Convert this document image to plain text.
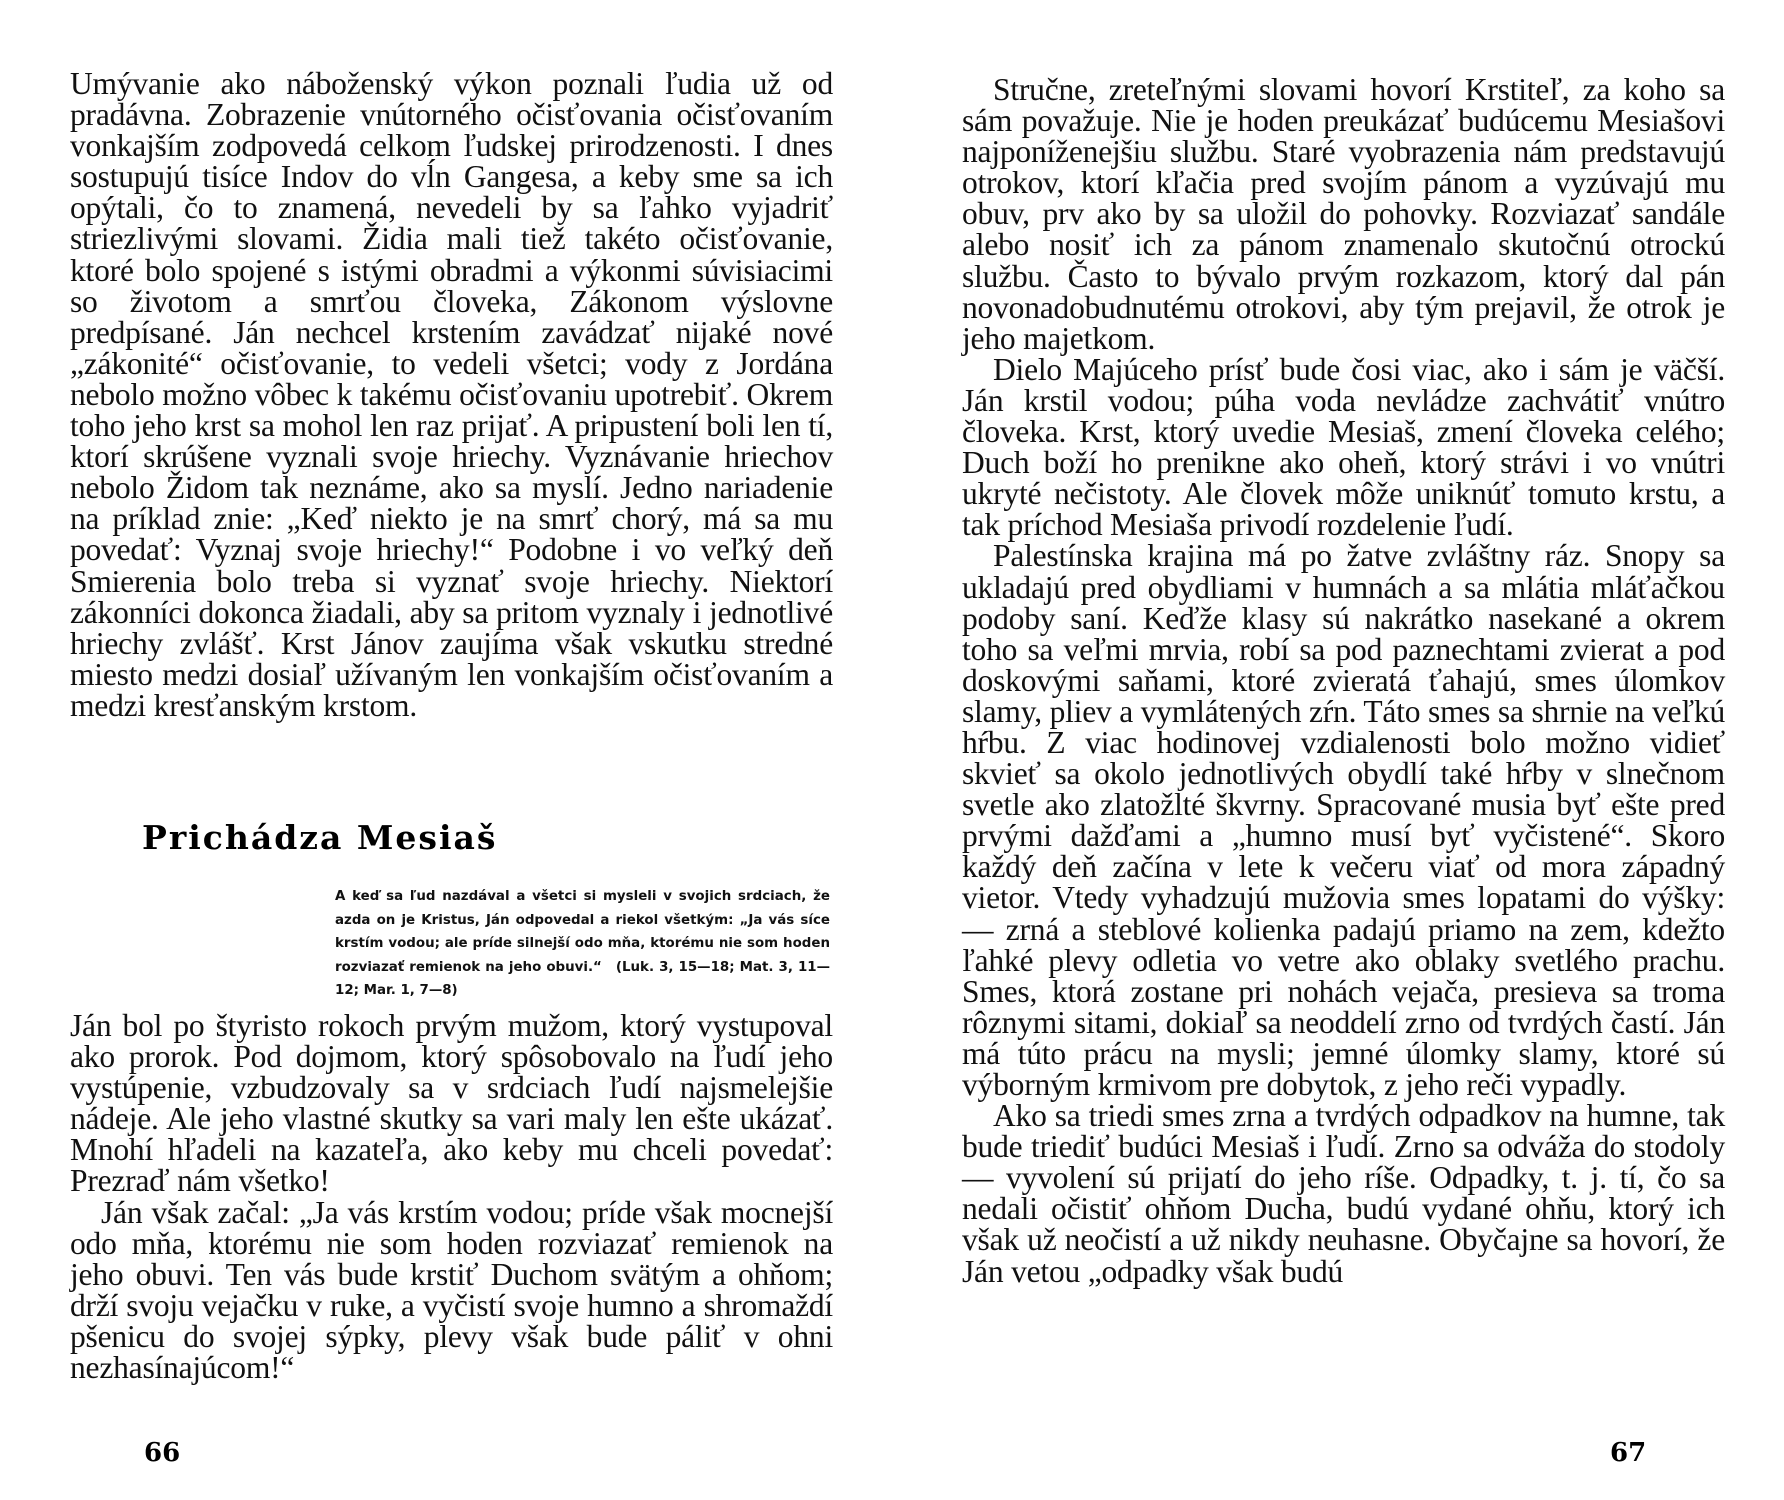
Umývanie ako náboženský výkon poznali ľudia už od pradávna. Zobrazenie vnútorného očisťovania očisťovaním vonkajším zodpovedá celkom ľudskej prirodzenosti. I dnes sostupujú tisíce Indov do vĺn Gangesa, a keby sme sa ich opýtali, čo to znamená, nevedeli by sa ľahko vyjadriť striezlivými slovami. Židia mali tiež takéto očisťovanie, ktoré bolo spojené s istými obradmi a výkonmi súvisiacimi so životom a smrťou človeka, Zákonom výslovne predpísané. Ján nechcel krstením zavádzať nijaké nové „zákonité“ očisťovanie, to vedeli všetci; vody z Jordána nebolo možno vôbec k takému očisťovaniu upotrebiť. Okrem toho jeho krst sa mohol len raz prijať. A pripustení boli len tí, ktorí skrúšene vyznali svoje hriechy. Vyznávanie hriechov nebolo Židom tak neznáme, ako sa myslí. Jedno nariadenie na príklad znie: „Keď niekto je na smrť chorý, má sa mu povedať: Vyznaj svoje hriechy!“ Podobne i vo veľký deň Smierenia bolo treba si vyznať svoje hriechy. Niektorí zákonníci dokonca žiadali, aby sa pritom vyznaly i jednotlivé hriechy zvlášť. Krst Jánov zaujíma však vskutku stredné miesto medzi dosiaľ užívaným len vonkajším očisťovaním a medzi kresťanským krstom.

Prichádza Mesiaš

A keď sa ľud nazdával a všetci si mysleli v svojich srdciach, že azda on je Kristus, Ján odpovedal a riekol všetkým: „Ja vás síce krstím vodou; ale príde silnejší odo mňa, ktorému nie som hoden rozviazať remienok na jeho obuvi.“ (Luk. 3, 15—18; Mat. 3, 11—12; Mar. 1, 7—8)

Ján bol po štyristo rokoch prvým mužom, ktorý vystupoval ako prorok. Pod dojmom, ktorý spôsobovalo na ľudí jeho vystúpenie, vzbudzovaly sa v srdciach ľudí najsmelejšie nádeje. Ale jeho vlastné skutky sa vari maly len ešte ukázať. Mnohí hľadeli na kazateľa, ako keby mu chceli povedať: Prezraď nám všetko!

Ján však začal: „Ja vás krstím vodou; príde však mocnejší odo mňa, ktorému nie som hoden rozviazať remienok na jeho obuvi. Ten vás bude krstiť Duchom svätým a ohňom; drží svoju vejačku v ruke, a vyčistí svoje humno a shromaždí pšenicu do svojej sýpky, plevy však bude páliť v ohni nezhasínajúcom!“

66

Stručne, zreteľnými slovami hovorí Krstiteľ, za koho sa sám považuje. Nie je hoden preukázať budúcemu Mesiašovi najponíženejšiu službu. Staré vyobrazenia nám predstavujú otrokov, ktorí kľačia pred svojím pánom a vyzúvajú mu obuv, prv ako by sa uložil do pohovky. Rozviazať sandále alebo nosiť ich za pánom znamenalo skutočnú otrockú službu. Často to bývalo prvým rozkazom, ktorý dal pán novonadobudnutému otrokovi, aby tým prejavil, že otrok je jeho majetkom.

Dielo Majúceho prísť bude čosi viac, ako i sám je väčší. Ján krstil vodou; púha voda nevládze zachvátiť vnútro človeka. Krst, ktorý uvedie Mesiaš, zmení človeka celého; Duch boží ho prenikne ako oheň, ktorý strávi i vo vnútri ukryté nečistoty. Ale človek môže uniknúť tomuto krstu, a tak príchod Mesiaša privodí rozdelenie ľudí.

Palestínska krajina má po žatve zvláštny ráz. Snopy sa ukladajú pred obydliami v humnách a sa mlátia mláťačkou podoby saní. Keďže klasy sú nakrátko nasekané a okrem toho sa veľmi mrvia, robí sa pod paznechtami zvierat a pod doskovými saňami, ktoré zvieratá ťahajú, smes úlomkov slamy, pliev a vymlátených zŕn. Táto smes sa shrnie na veľkú hŕbu. Z viac hodinovej vzdialenosti bolo možno vidieť skvieť sa okolo jednotlivých obydlí také hŕby v slnečnom svetle ako zlatožlté škvrny. Spracované musia byť ešte pred prvými dažďami a „humno musí byť vyčistené“. Skoro každý deň začína v lete k večeru viať od mora západný vietor. Vtedy vyhadzujú mužovia smes lopatami do výšky: — zrná a steblové kolienka padajú priamo na zem, kdežto ľahké plevy odletia vo vetre ako oblaky svetlého prachu. Smes, ktorá zostane pri nohách vejača, presieva sa troma rôznymi sitami, dokiaľ sa neoddelí zrno od tvrdých častí. Ján má túto prácu na mysli; jemné úlomky slamy, ktoré sú výborným krmivom pre dobytok, z jeho reči vypadly.

Ako sa triedi smes zrna a tvrdých odpadkov na humne, tak bude triediť budúci Mesiaš i ľudí. Zrno sa odváža do stodoly — vyvolení sú prijatí do jeho ríše. Odpadky, t. j. tí, čo sa nedali očistiť ohňom Ducha, budú vydané ohňu, ktorý ich však už neočistí a už nikdy neuhasne. Obyčajne sa hovorí, že Ján vetou „odpadky však budú

67
